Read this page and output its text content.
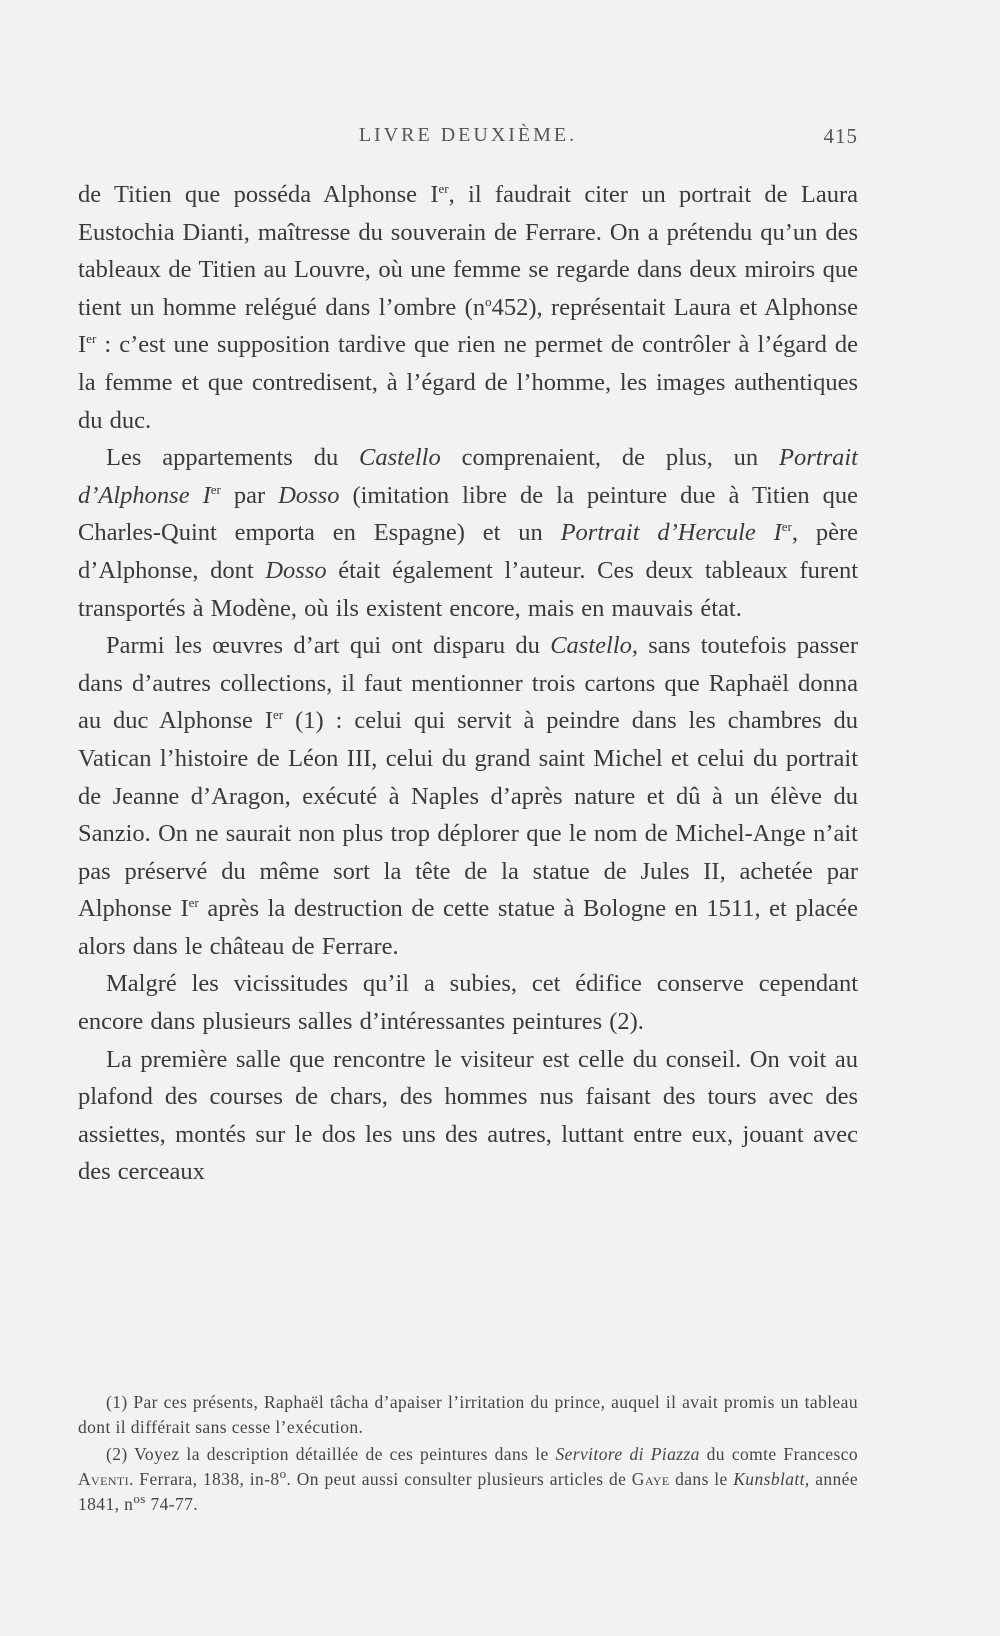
LIVRE DEUXIÈME.	415

de Titien que posséda Alphonse Ier, il faudrait citer un portrait de Laura Eustochia Dianti, maîtresse du souverain de Ferrare. On a prétendu qu’un des tableaux de Titien au Louvre, où une femme se regarde dans deux miroirs que tient un homme relégué dans l’ombre $(n^o452)$, représentait Laura et Alphonse Ier : c’est une supposition tardive que rien ne permet de contrôler à l’égard de la femme et que contredisent, à l’égard de l’homme, les images authentiques du duc.

Les appartements du Castello comprenaient, de plus, un Portrait d’Alphonse Ier par Dosso (imitation libre de la peinture due à Titien que Charles-Quint emporta en Espagne) et un Portrait d’Hercule Ier, père d’Alphonse, dont Dosso était également l’auteur. Ces deux tableaux furent transportés à Modène, où ils existent encore, mais en mauvais état.

Parmi les œuvres d’art qui ont disparu du Castello, sans toutefois passer dans d’autres collections, il faut mentionner trois cartons que Raphaël donna au duc Alphonse Ier (1) : celui qui servit à peindre dans les chambres du Vatican l’histoire de Léon III, celui du grand saint Michel et celui du portrait de Jeanne d’Aragon, exécuté à Naples d’après nature et dû à un élève du Sanzio. On ne saurait non plus trop déplorer que le nom de Michel-Ange n’ait pas préservé du même sort la tête de la statue de Jules II, achetée par Alphonse Ier après la destruction de cette statue à Bologne en 1511, et placée alors dans le château de Ferrare.

Malgré les vicissitudes qu’il a subies, cet édifice conserve cependant encore dans plusieurs salles d’intéressantes peintures (2).

La première salle que rencontre le visiteur est celle du conseil. On voit au plafond des courses de chars, des hommes nus faisant des tours avec des assiettes, montés sur le dos les uns des autres, luttant entre eux, jouant avec des cerceaux

(1) Par ces présents, Raphaël tâcha d’apaiser l’irritation du prince, auquel il avait promis un tableau dont il différait sans cesse l’exécution.

(2) Voyez la description détaillée de ces peintures dans le Servitore di Piazza du comte Francesco Aventi. Ferrara, 1838, in-8$^o$. On peut aussi consulter plusieurs articles de Gaye dans le Kunsblatt, année 1841, $n^{os}$ 74-77.
